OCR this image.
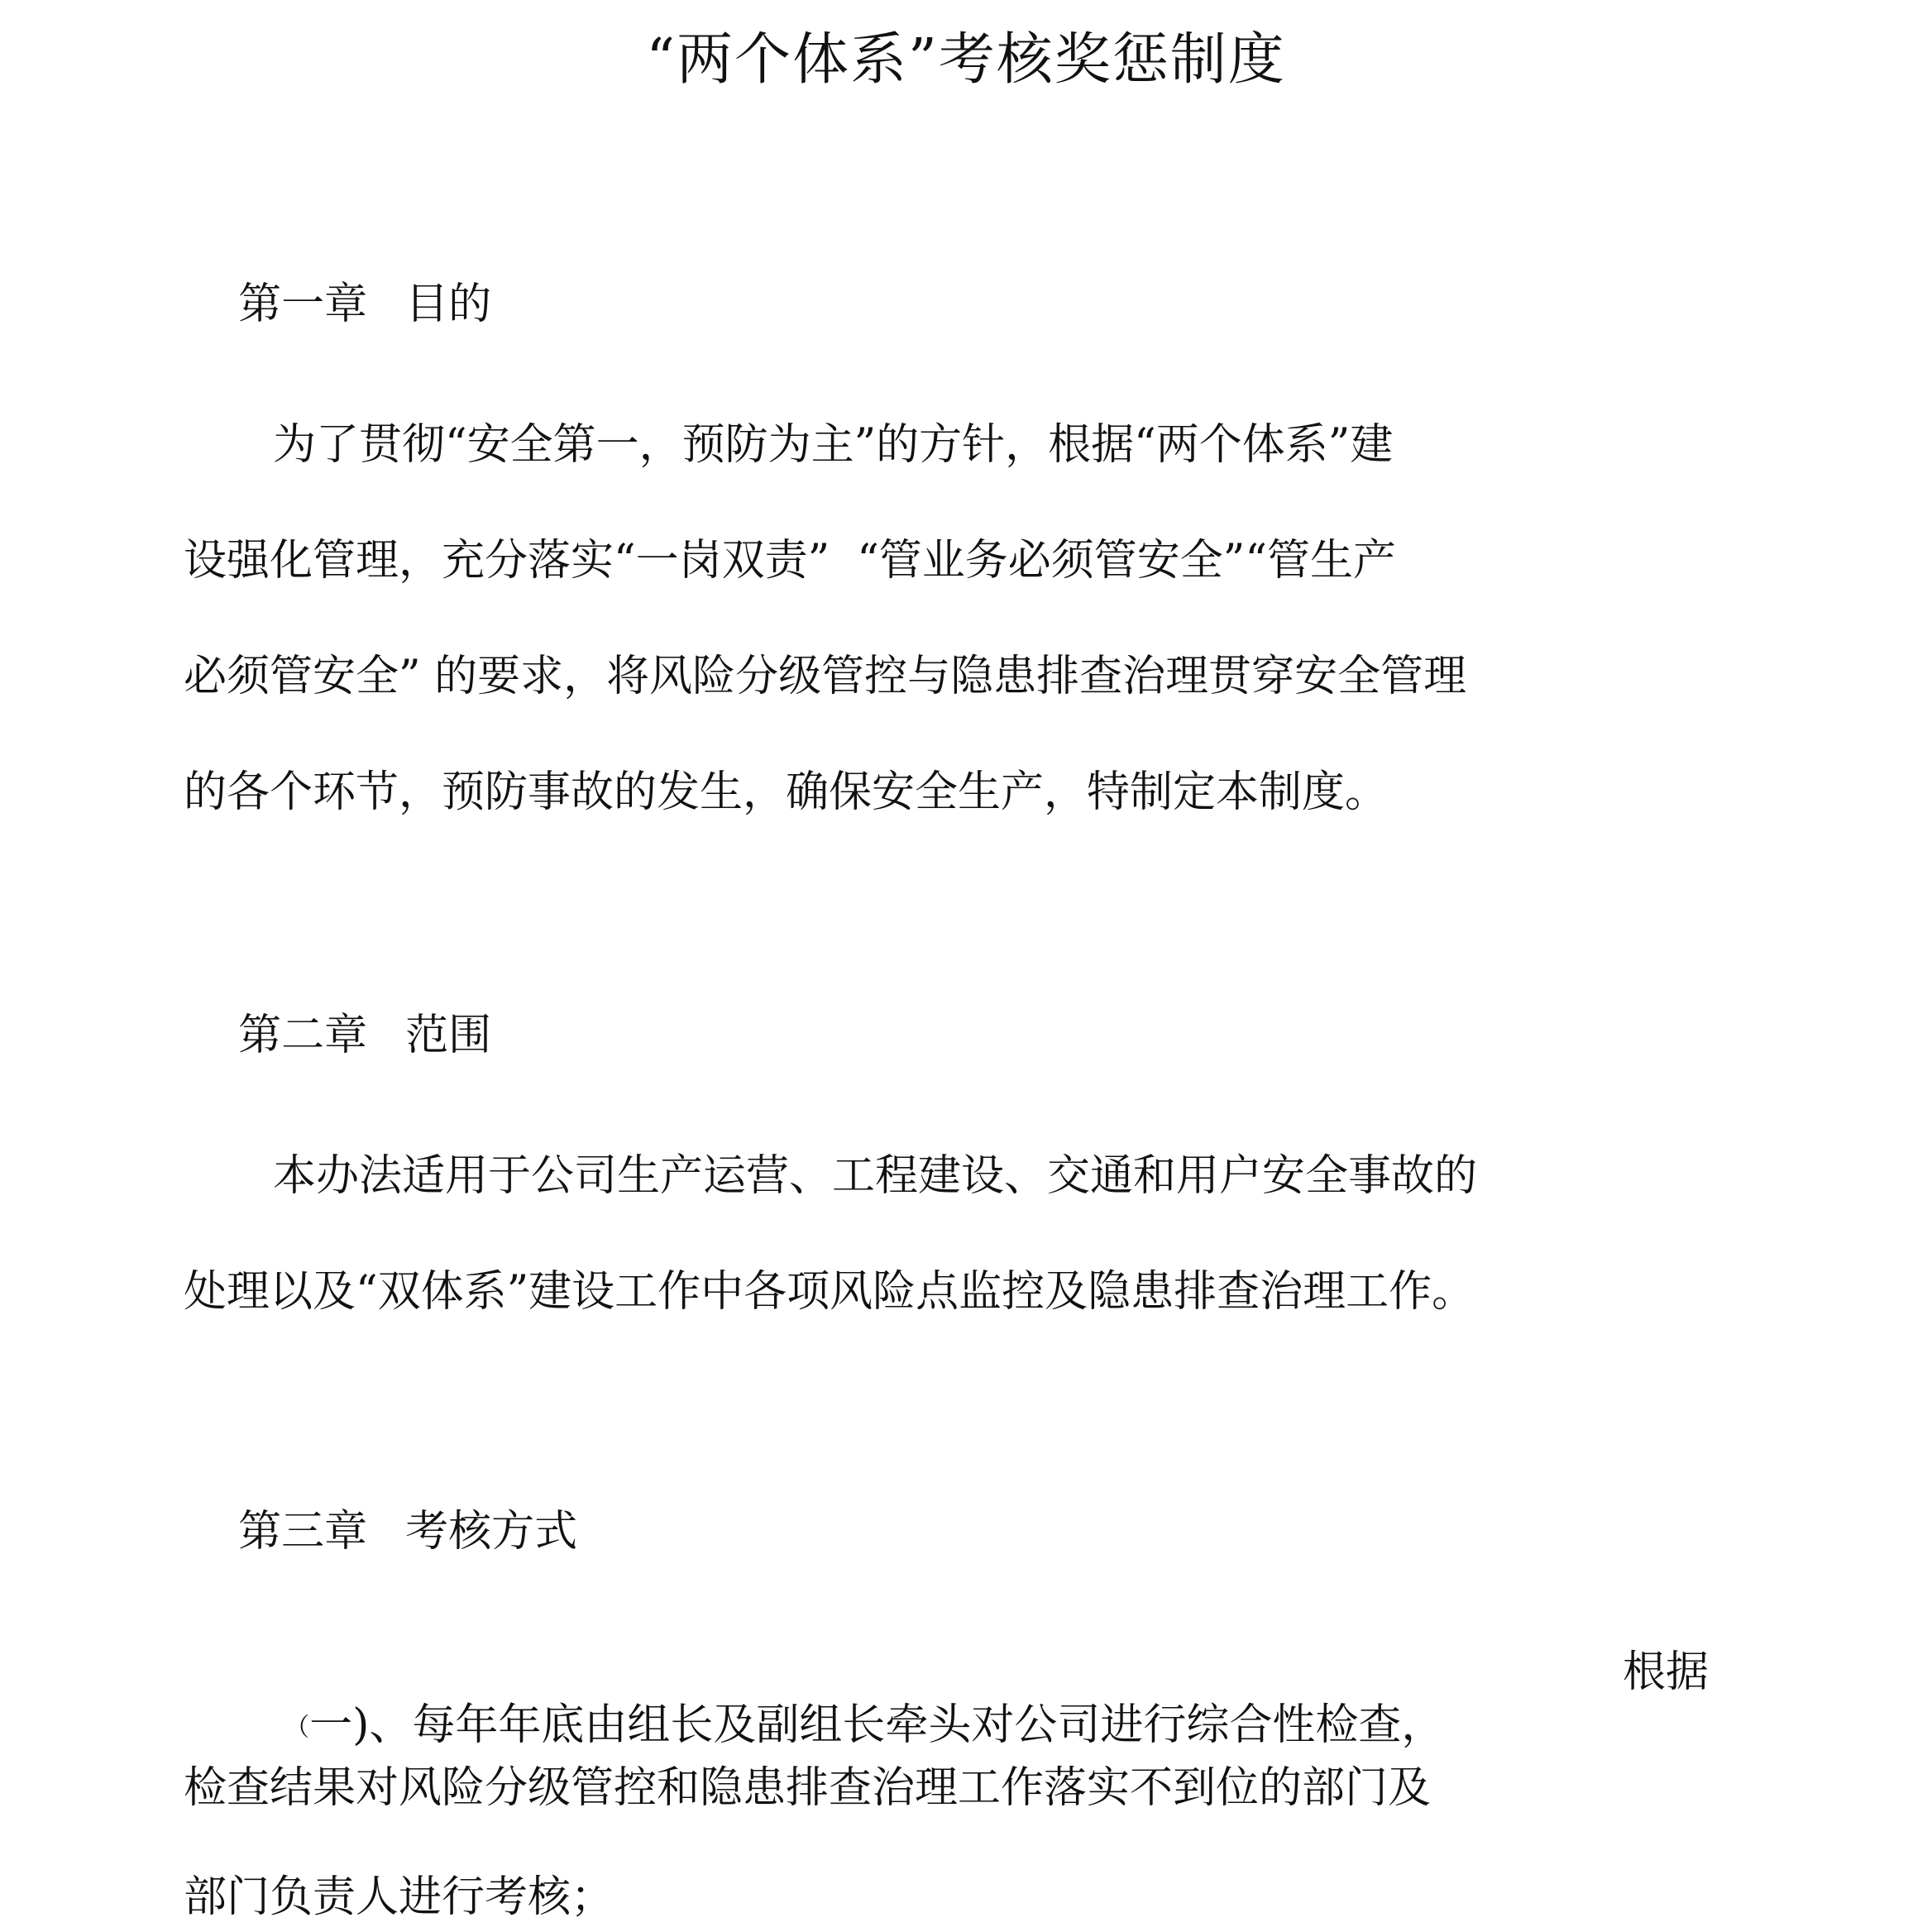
“两个体系”考核奖惩制度

第一章 目的

为了贯彻“安全第一，预防为主”的方针，根据“两个体系”建
设强化管理，充分落实“一岗双责”  “管业务必须管安全”“管生产
必须管安全” 的要求，将风险分级管控与隐患排查治理贯穿安全管理
的各个环节，预防事故的发生，确保安全生产，特制定本制度。

第二章 范围

本办法适用于公司生产运营、工程建设、交通和用户安全事故的
处理以及“双体系”建设工作中各项风险点监控及隐患排查治理工作。

第三章 考核方式

（一)、每年年底由组长及副组长牵头对公司进行综合性检查，

根据
检查结果对风险分级管控和隐患排查治理工作落实不到位的部门及
部门负责人进行考核；
